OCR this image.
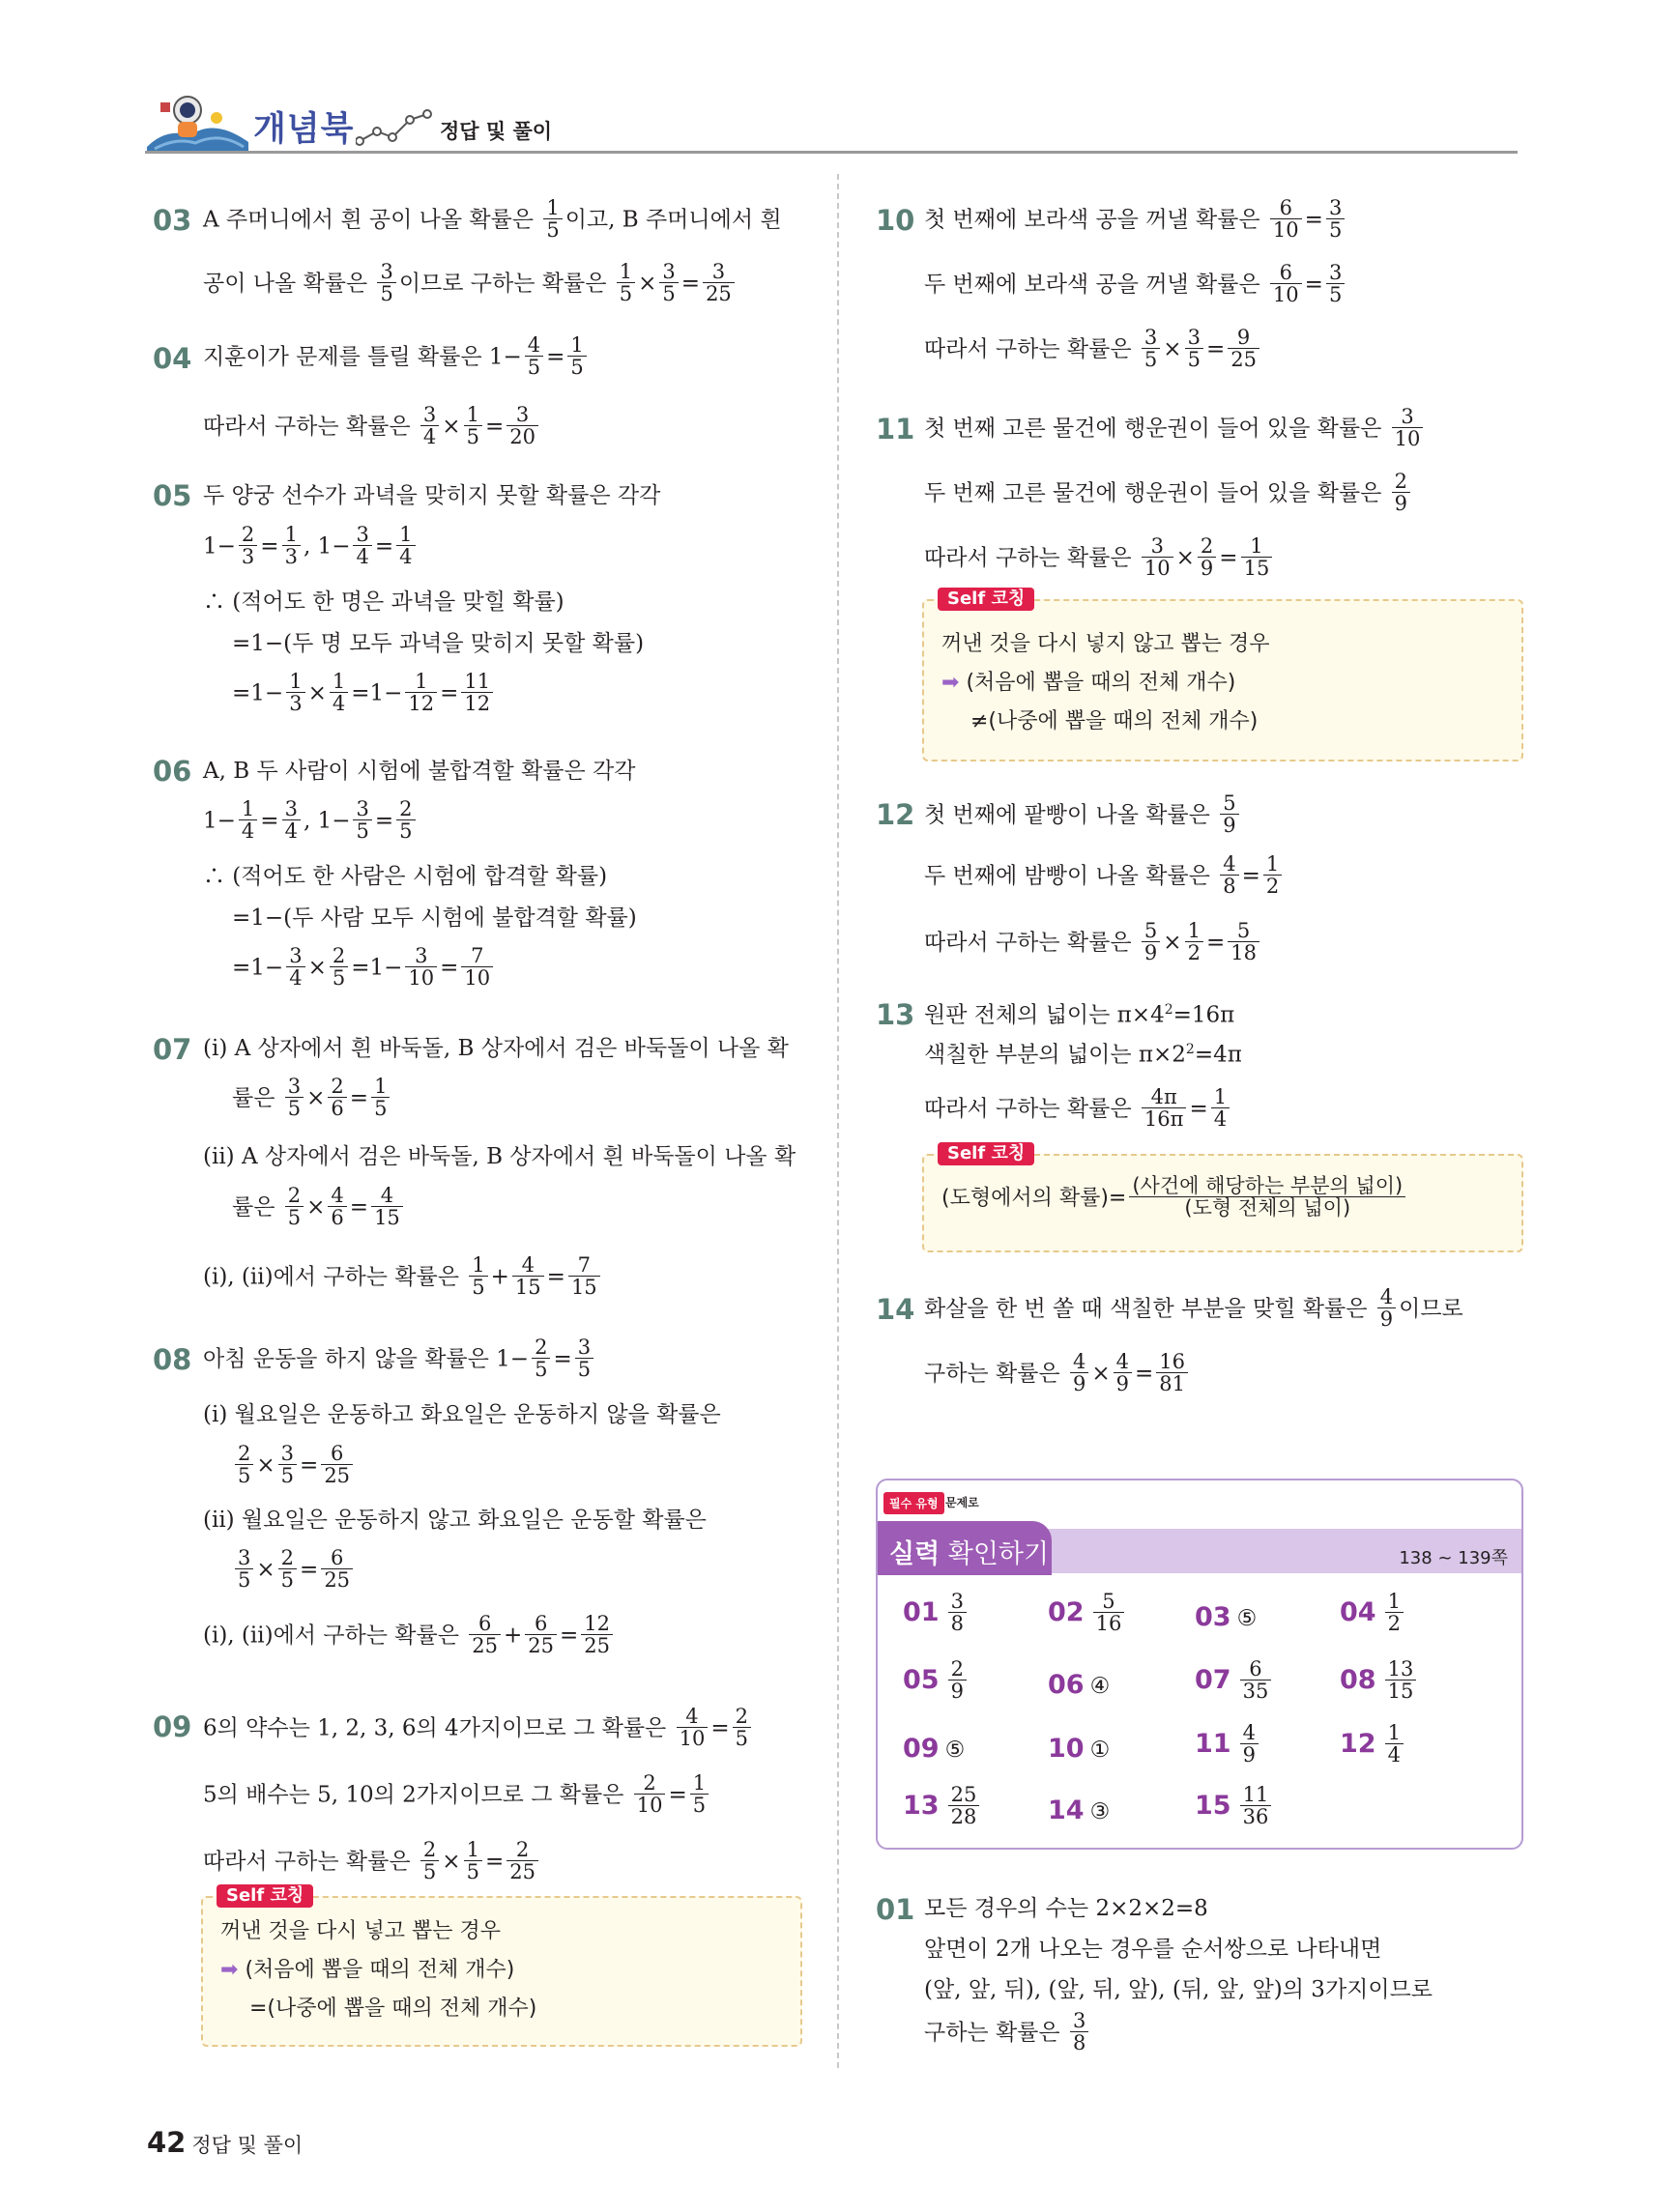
개념북	정답 및 풀이
03 A 주머니에서 흰 공이 나올 확률은 $\frac{1}{5}$ 이고, B 주머니에서 흰
공이 나올 확률은 $\frac{3}{5}$ 이므로 구하는 확률은 $\frac{1}{5} \times \frac{3}{5} = \frac{3}{25}$
04 지훈이가 문제를 틀릴 확률은 $1- \frac{4}{5} = \frac{1}{5}$
따라서 구하는 확률은 $\frac{3}{4} \times \frac{1}{5} = \frac{3}{20}$
05 두 양궁 선수가 과녁을 맞히지 못할 확률은 각각
$1- \frac{2}{3} = \frac{1}{3}$ , $1- \frac{3}{4} = \frac{1}{4}$
∴ (적어도 한 명은 과녁을 맞힐 확률)
=1−(두 명 모두 과녁을 맞히지 못할 확률)
$=1- \frac{1}{3} \times \frac{1}{4} =1- \frac{1}{12} = \frac{11}{12}$
06 A, B 두 사람이 시험에 불합격할 확률은 각각
$1- \frac{1}{4} = \frac{3}{4}$ , $1- \frac{3}{5} = \frac{2}{5}$
∴ (적어도 한 사람은 시험에 합격할 확률)
=1−(두 사람 모두 시험에 불합격할 확률)
$=1- \frac{3}{4} \times \frac{2}{5} =1- \frac{3}{10} = \frac{7}{10}$
07 (ⅰ) A 상자에서 흰 바둑돌, B 상자에서 검은 바둑돌이 나올 확
률은 $\frac{3}{5} \times \frac{2}{6} = \frac{1}{5}$
(ⅱ) A 상자에서 검은 바둑돌, B 상자에서 흰 바둑돌이 나올 확
률은 $\frac{2}{5} \times \frac{4}{6} = \frac{4}{15}$
(ⅰ), (ⅱ)에서 구하는 확률은 $\frac{1}{5} + \frac{4}{15} = \frac{7}{15}$
08 아침 운동을 하지 않을 확률은 $1- \frac{2}{5} = \frac{3}{5}$
(ⅰ) 월요일은 운동하고 화요일은 운동하지 않을 확률은
$\frac{2}{5} \times \frac{3}{5} = \frac{6}{25}$
(ⅱ) 월요일은 운동하지 않고 화요일은 운동할 확률은
$\frac{3}{5} \times \frac{2}{5} = \frac{6}{25}$
(ⅰ), (ⅱ)에서 구하는 확률은 $\frac{6}{25} + \frac{6}{25} = \frac{12}{25}$
09 6의 약수는 1, 2, 3, 6의 4가지이므로 그 확률은 $\frac{4}{10} = \frac{2}{5}$
5의 배수는 5, 10의 2가지이므로 그 확률은 $\frac{2}{10} = \frac{1}{5}$
따라서 구하는 확률은 $\frac{2}{5} \times \frac{1}{5} = \frac{2}{25}$
Self 코칭
꺼낸 것을 다시 넣고 뽑는 경우
➡ (처음에 뽑을 때의 전체 개수)
=(나중에 뽑을 때의 전체 개수)
10 첫 번째에 보라색 공을 꺼낼 확률은 $\frac{6}{10} = \frac{3}{5}$
두 번째에 보라색 공을 꺼낼 확률은 $\frac{6}{10} = \frac{3}{5}$
따라서 구하는 확률은 $\frac{3}{5} \times \frac{3}{5} = \frac{9}{25}$
11 첫 번째 고른 물건에 행운권이 들어 있을 확률은 $\frac{3}{10}$
두 번째 고른 물건에 행운권이 들어 있을 확률은 $\frac{2}{9}$
따라서 구하는 확률은 $\frac{3}{10} \times \frac{2}{9} = \frac{1}{15}$
Self 코칭
꺼낸 것을 다시 넣지 않고 뽑는 경우
➡ (처음에 뽑을 때의 전체 개수)
≠(나중에 뽑을 때의 전체 개수)
12 첫 번째에 팥빵이 나올 확률은 $\frac{5}{9}$
두 번째에 밤빵이 나올 확률은 $\frac{4}{8} = \frac{1}{2}$
따라서 구하는 확률은 $\frac{5}{9} \times \frac{1}{2} = \frac{5}{18}$
13 원판 전체의 넓이는 $\pi\times 4^2=16\pi$
색칠한 부분의 넓이는 $\pi\times 2^2=4\pi$
따라서 구하는 확률은 $\frac{4\pi}{16\pi} = \frac{1}{4}$
Self 코칭
(도형에서의 확률)= $\frac{\text{(사건에 해당하는 부분의 넓이)}}{\text{(도형 전체의 넓이)}}$
14 화살을 한 번 쏠 때 색칠한 부분을 맞힐 확률은 $\frac{4}{9}$ 이므로
구하는 확률은 $\frac{4}{9} \times \frac{4}{9} = \frac{16}{81}$
필수 유형 문제로
실력 확인하기	138 ~ 139쪽
$01 \frac{3}{8}$	$02 \frac{5}{16}$	03 ⑤	$04 \frac{1}{2}$
$05 \frac{2}{9}$	06 ④	$07 \frac{6}{35}$	$08 \frac{13}{15}$
09 ⑤	10 ①	$11 \frac{4}{9}$	$12 \frac{1}{4}$
$13 \frac{25}{28}$	14 ③	$15 \frac{11}{36}$
01 모든 경우의 수는 2×2×2=8
앞면이 2개 나오는 경우를 순서쌍으로 나타내면
(앞, 앞, 뒤), (앞, 뒤, 앞), (뒤, 앞, 앞)의 3가지이므로
구하는 확률은 $\frac{3}{8}$
42 정답 및 풀이
